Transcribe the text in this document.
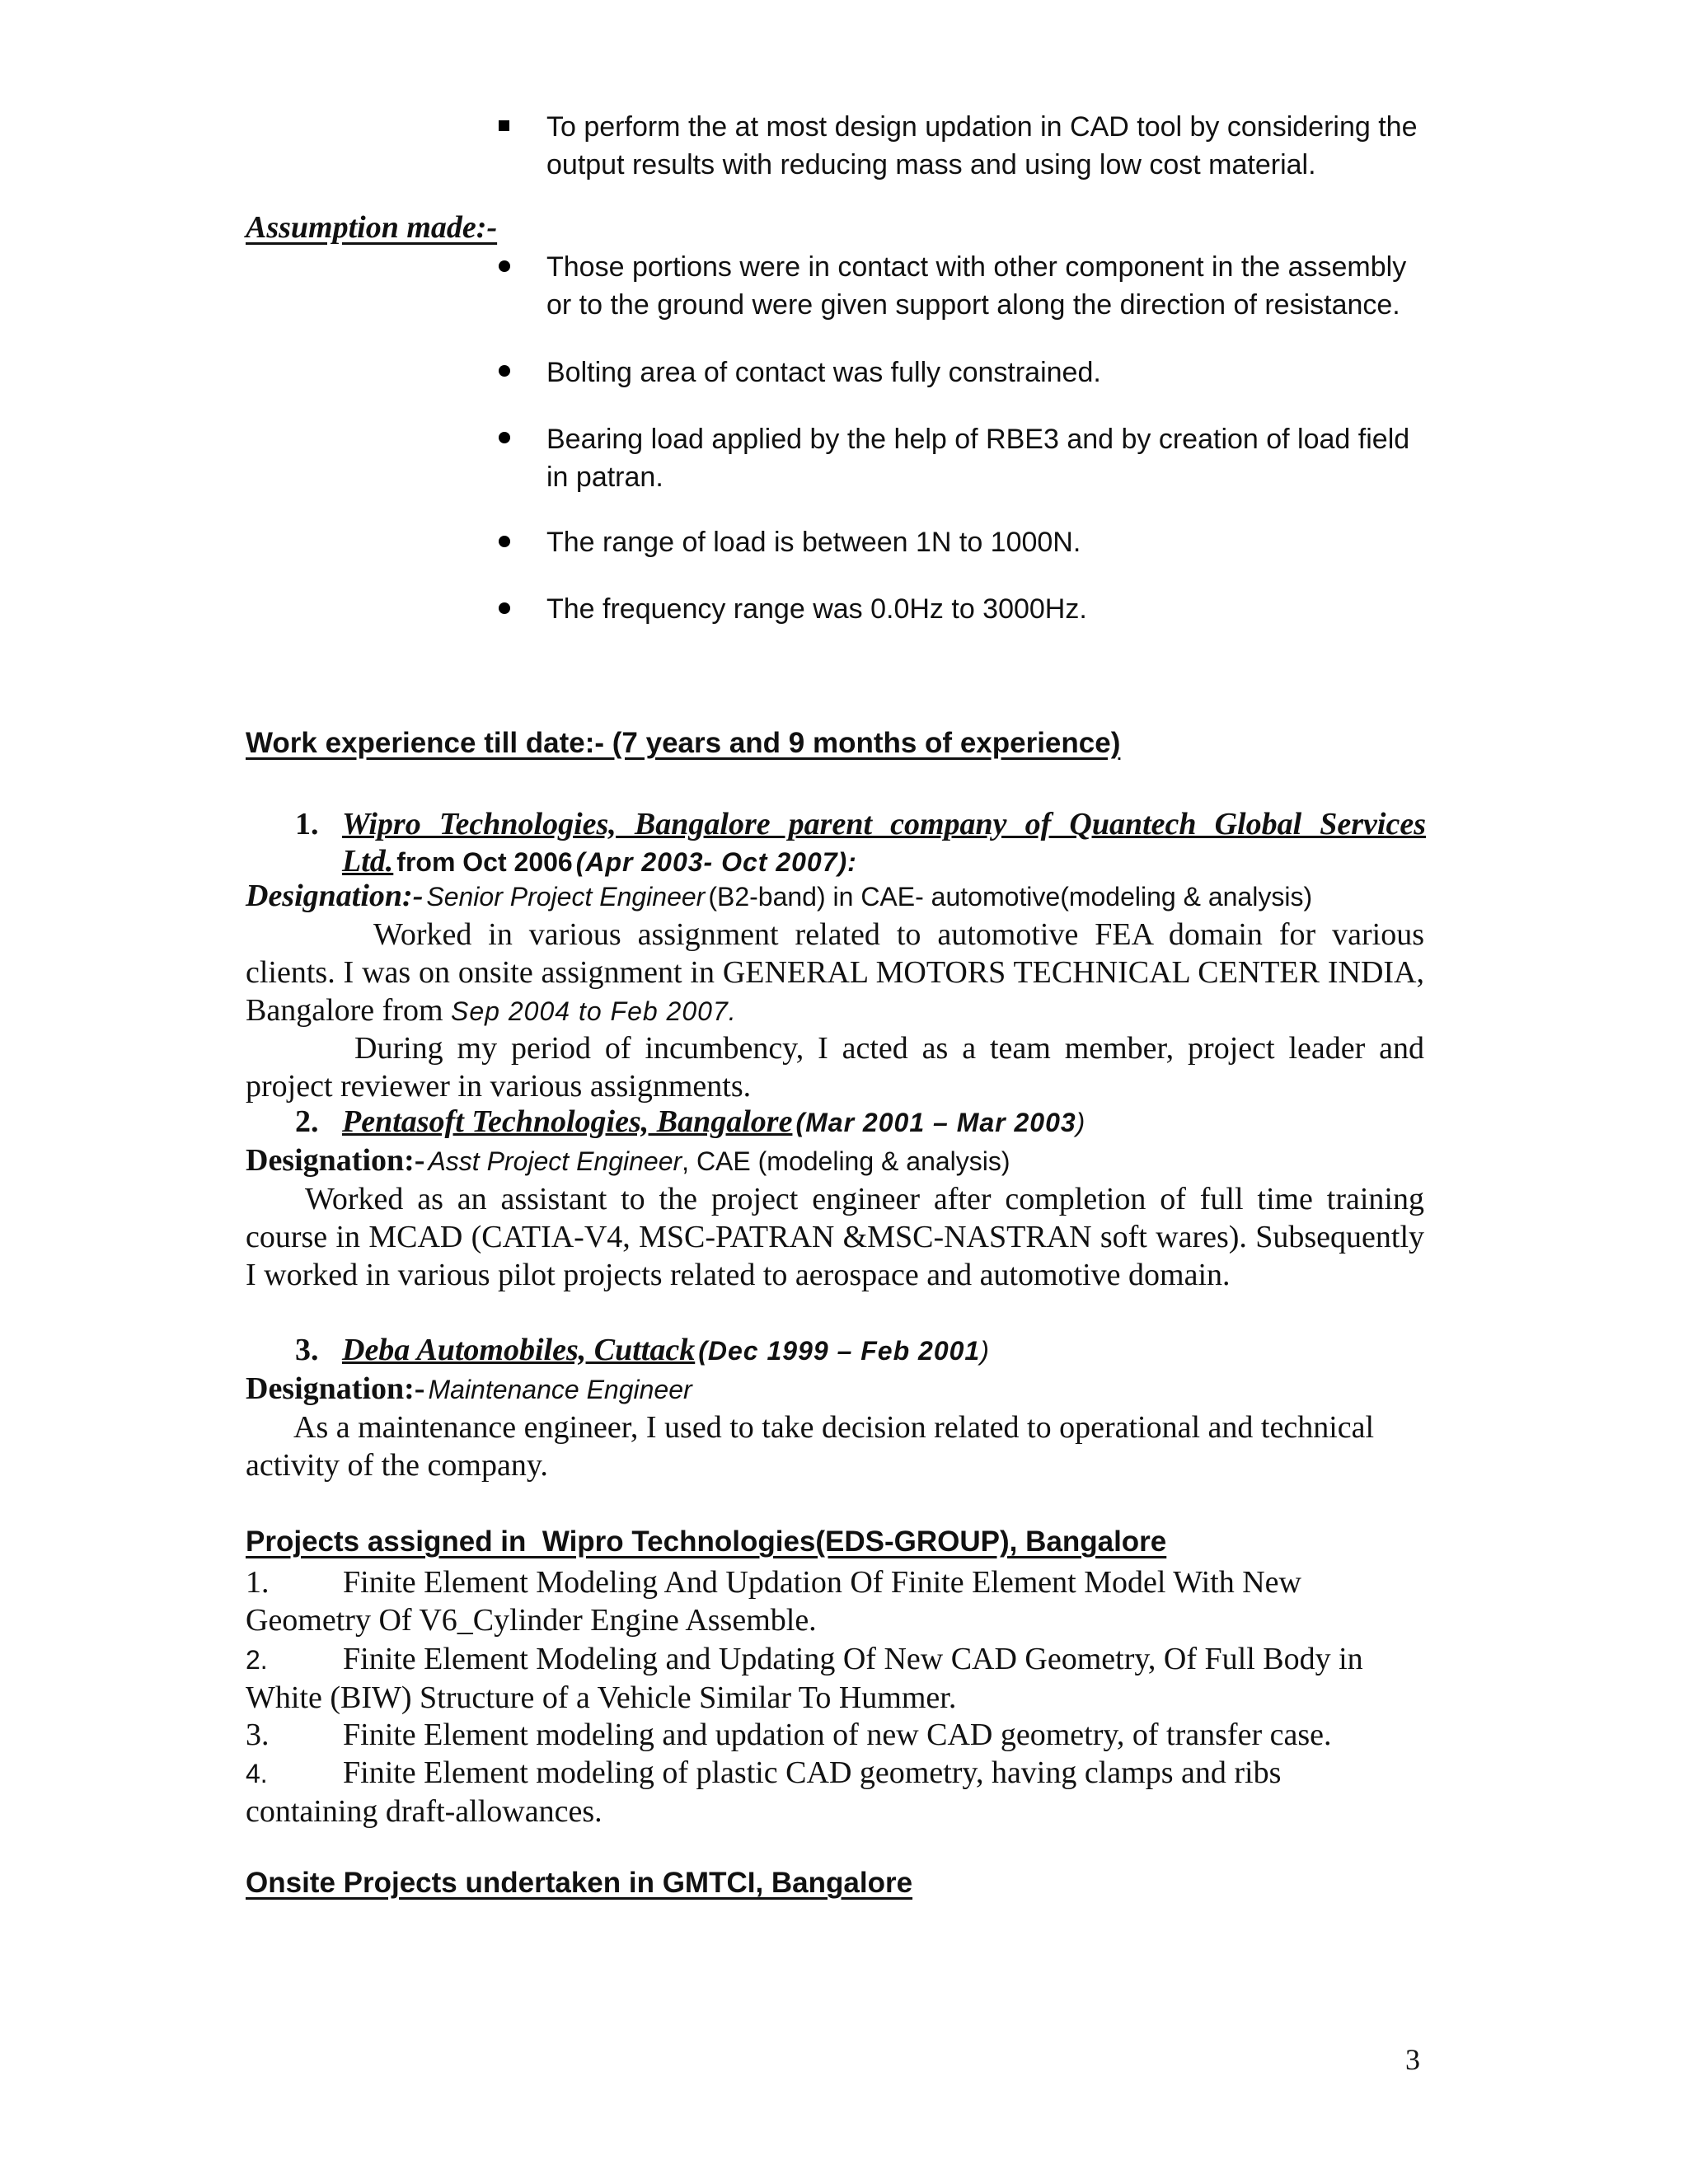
To perform the at most design updation in CAD tool by considering the output results with reducing mass and using low cost material.
Assumption made:-
Those portions were in contact with other component in the assembly or to the ground were given support along the direction of resistance.
Bolting area of contact was fully constrained.
Bearing load applied by the help of RBE3 and by creation of load field in patran.
The range of load is between 1N to 1000N.
The frequency range was 0.0Hz to 3000Hz.
Work experience till date:- (7 years and 9 months of experience)
1. Wipro Technologies, Bangalore parent company of Quantech Global Services
Ltd. from Oct 2006 (Apr 2003- Oct 2007):
Designation:- Senior Project Engineer (B2-band) in CAE- automotive(modeling & analysis)
Worked in various assignment related to automotive FEA domain for various clients. I was on onsite assignment in GENERAL MOTORS TECHNICAL CENTER INDIA, Bangalore from Sep 2004 to Feb 2007.
During my period of incumbency, I acted as a team member, project leader and project reviewer in various assignments.
2. Pentasoft Technologies, Bangalore (Mar 2001 – Mar 2003)
Designation:- Asst Project Engineer, CAE (modeling & analysis)
Worked as an assistant to the project engineer after completion of full time training course in MCAD (CATIA-V4, MSC-PATRAN &MSC-NASTRAN soft wares). Subsequently I worked in various pilot projects related to aerospace and automotive domain.
3. Deba Automobiles, Cuttack (Dec 1999 – Feb 2001)
Designation:- Maintenance Engineer
As a maintenance engineer, I used to take decision related to operational and technical activity of the company.
Projects assigned in  Wipro Technologies(EDS-GROUP), Bangalore
1. Finite Element Modeling And Updation Of Finite Element Model With New
Geometry Of V6_Cylinder Engine Assemble.
2. Finite Element Modeling and Updating Of New CAD Geometry, Of Full Body in
White (BIW) Structure of a Vehicle Similar To Hummer.
3. Finite Element modeling and updation of new CAD geometry, of transfer case.
4. Finite Element modeling of plastic CAD geometry, having clamps and ribs
containing draft-allowances.
Onsite Projects undertaken in GMTCI, Bangalore
3
